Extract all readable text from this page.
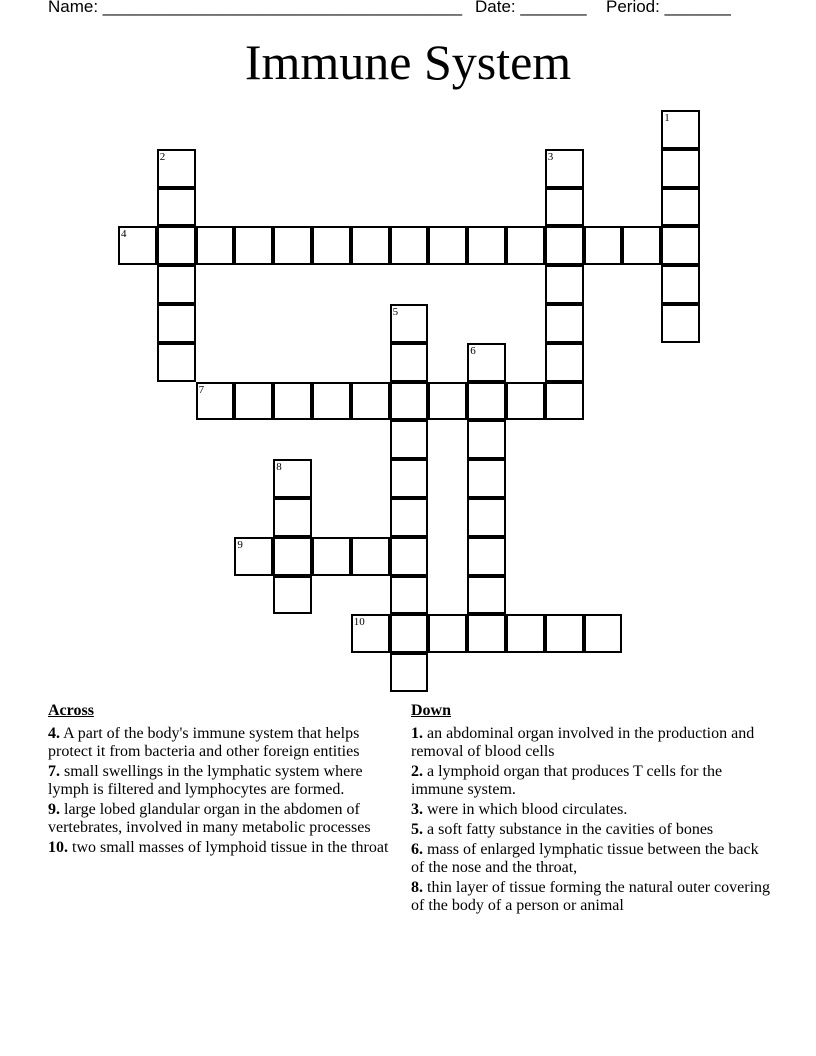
Name: ______________________________________ Date: _______ Period: _______
Immune System
1
2	3
4
5
6
7
8
9
10
Across
4. A part of the body's immune system that helps protect it from bacteria and other foreign entities
7. small swellings in the lymphatic system where lymph is filtered and lymphocytes are formed.
9. large lobed glandular organ in the abdomen of vertebrates, involved in many metabolic processes
10. two small masses of lymphoid tissue in the throat
Down
1. an abdominal organ involved in the production and removal of blood cells
2. a lymphoid organ that produces T cells for the immune system.
3. were in which blood circulates.
5. a soft fatty substance in the cavities of bones
6. mass of enlarged lymphatic tissue between the back of the nose and the throat,
8. thin layer of tissue forming the natural outer covering of the body of a person or animal
